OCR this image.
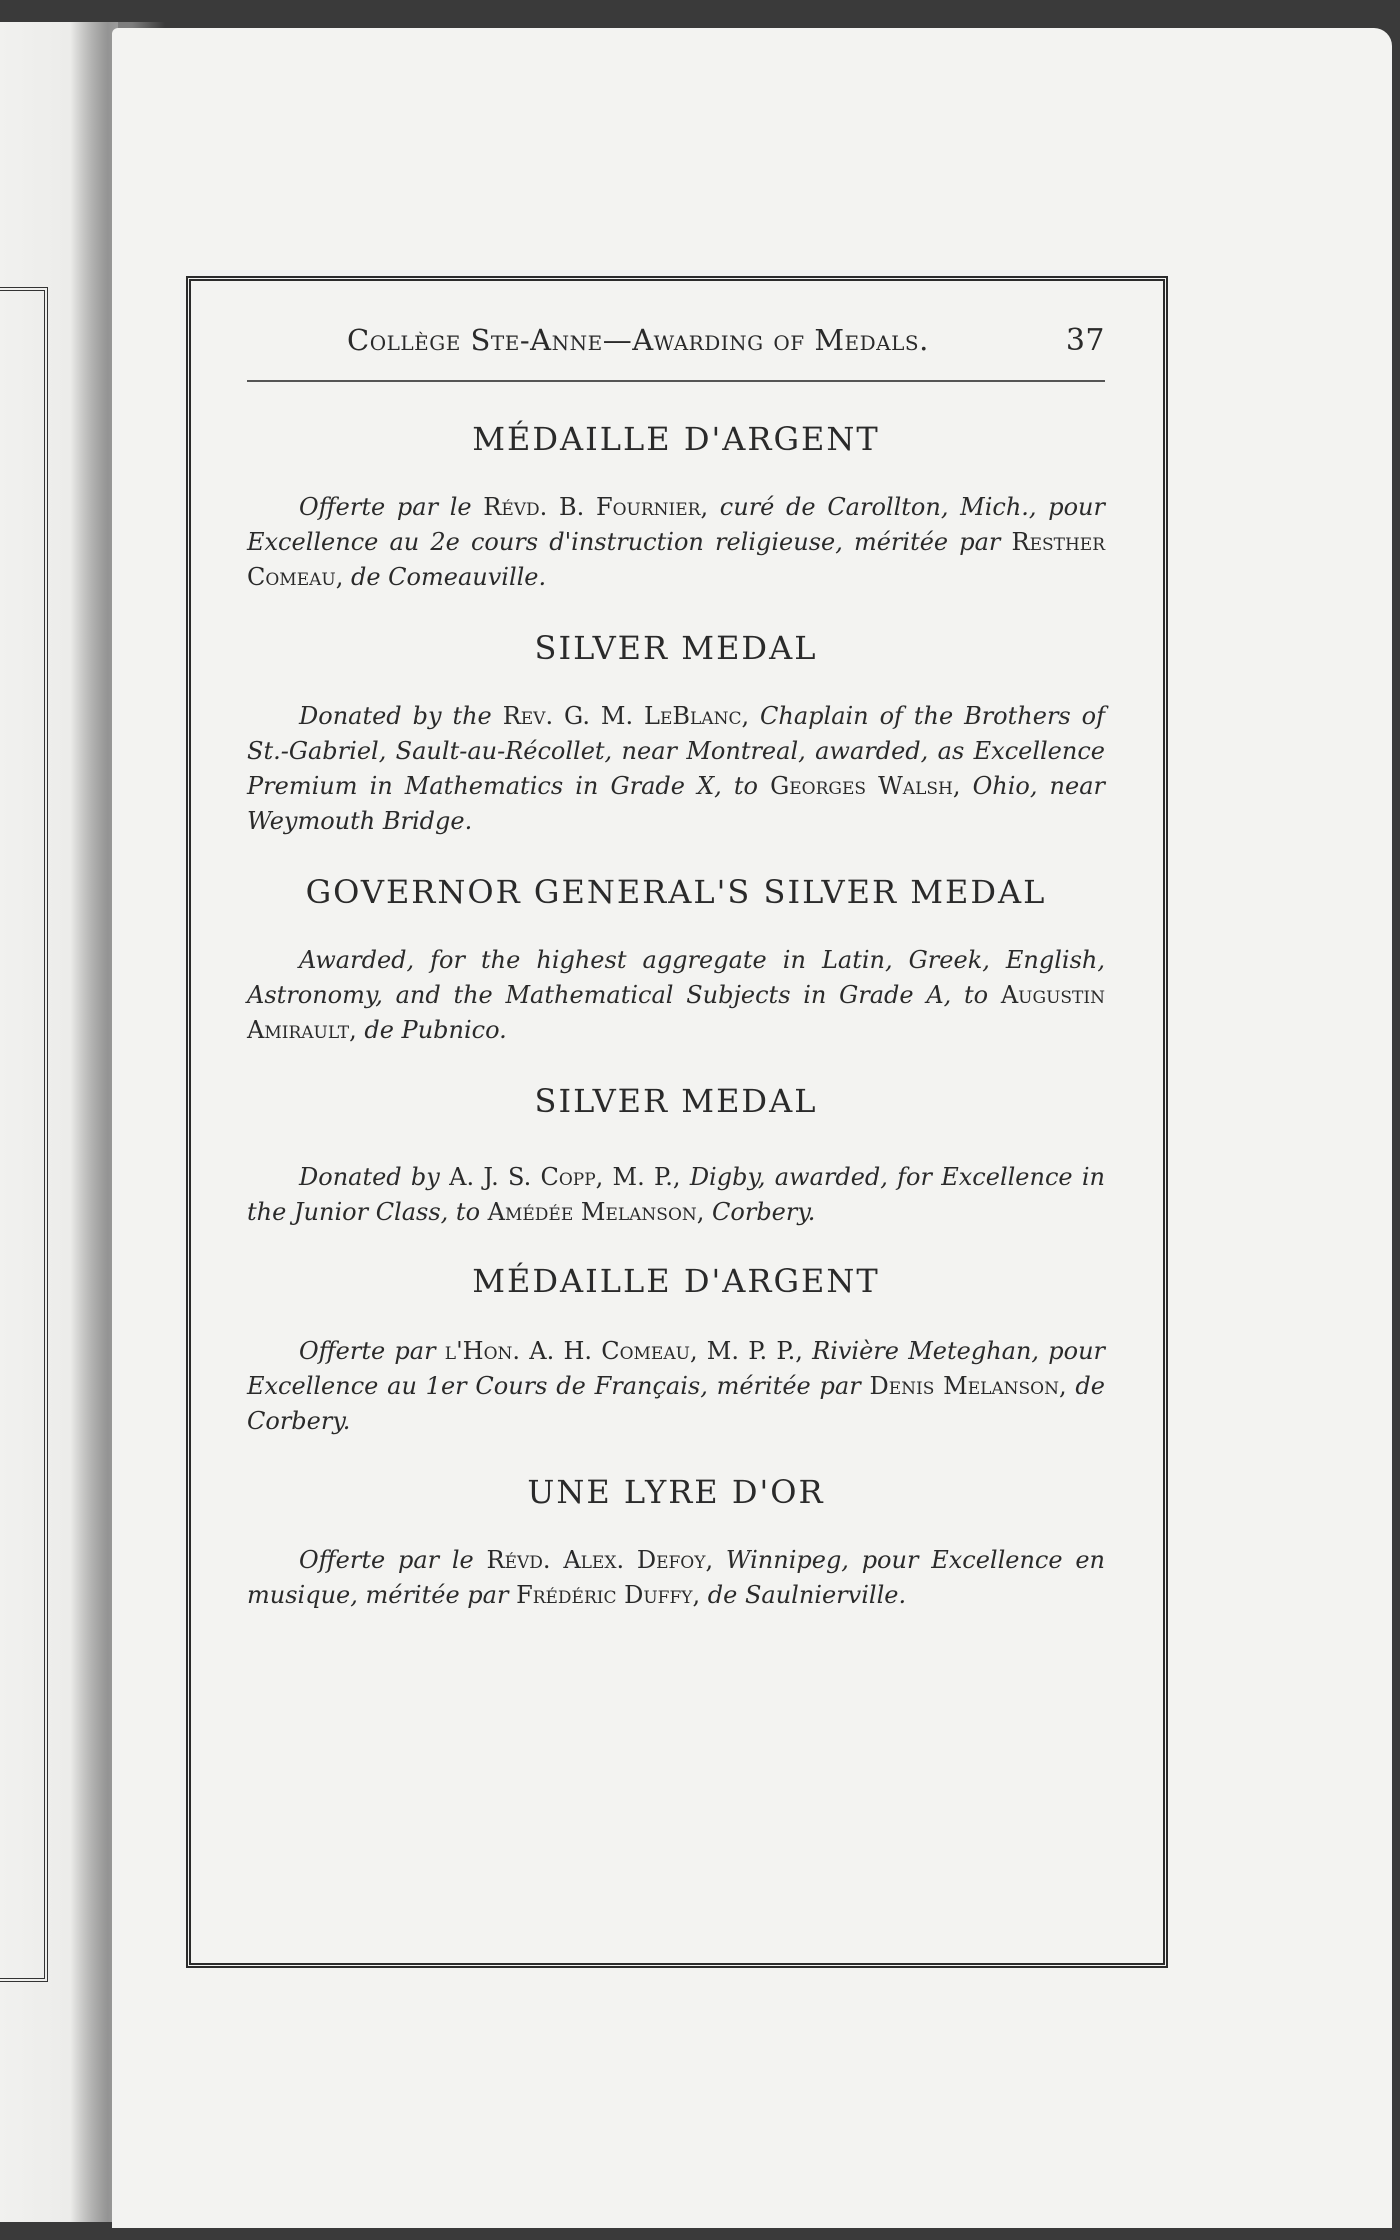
Collège Ste-Anne—Awarding of Medals.	37
MÉDAILLE D'ARGENT

Offerte par le Révd. B. Fournier, curé de Carollton, Mich., pour Excellence au 2e cours d'instruction religieuse, méritée par Resther Comeau, de Comeauville.

SILVER MEDAL

Donated by the Rev. G. M. LeBlanc, Chaplain of the Brothers of St.-Gabriel, Sault-au-Récollet, near Montreal, awarded, as Excellence Premium in Mathematics in Grade X, to Georges Walsh, Ohio, near Weymouth Bridge.

GOVERNOR GENERAL'S SILVER MEDAL

Awarded, for the highest aggregate in Latin, Greek, English, Astronomy, and the Mathematical Subjects in Grade A, to Augustin Amirault, de Pubnico.

SILVER MEDAL

Donated by A. J. S. Copp, M. P., Digby, awarded, for Excellence in the Junior Class, to Amédée Melanson, Corbery.

MÉDAILLE D'ARGENT

Offerte par l'Hon. A. H. Comeau, M. P. P., Rivière Meteghan, pour Excellence au 1er Cours de Français, méritée par Denis Melanson, de Corbery.

UNE LYRE D'OR

Offerte par le Révd. Alex. Defoy, Winnipeg, pour Excellence en musique, méritée par Frédéric Duffy, de Saulnierville.
